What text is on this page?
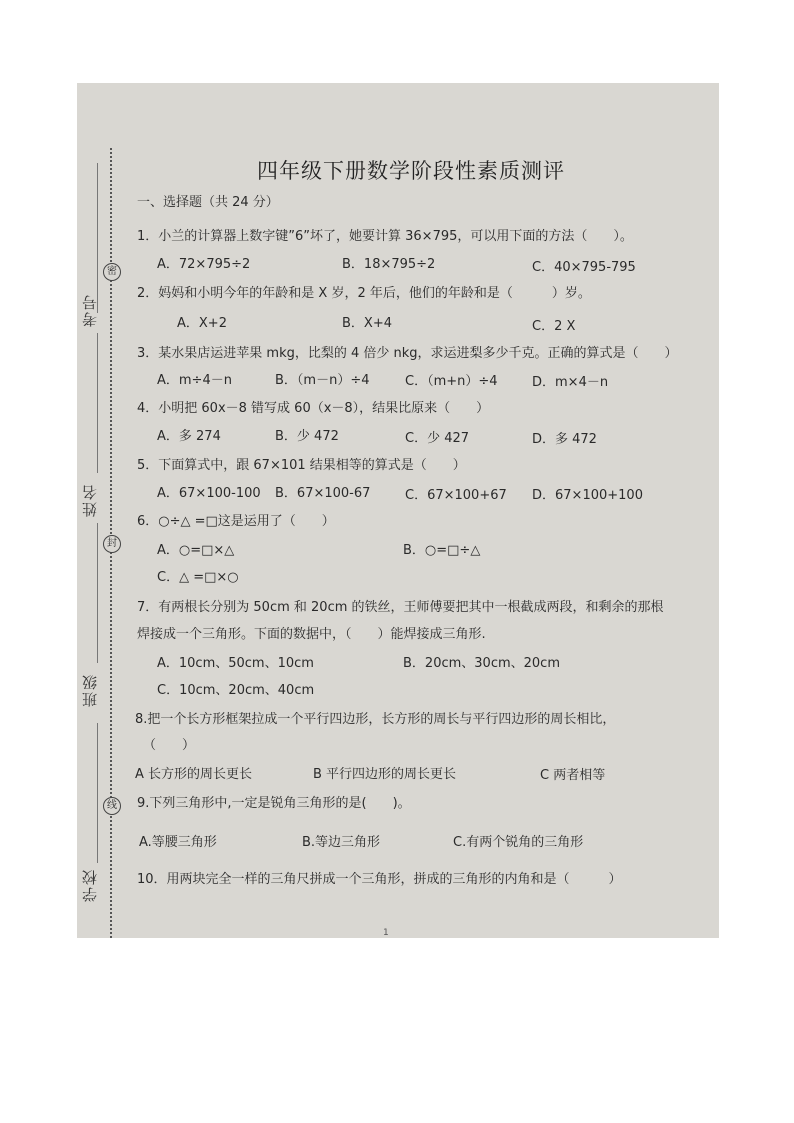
考号
姓名
班级
学校
密
封
线
四年级下册数学阶段性素质测评
一、选择题（共 24 分）
1．小兰的计算器上数字键”6”坏了，她要计算 36×795，可以用下面的方法（　　）。
A．72×795÷2	B．18×795÷2	C．40×795-795
2．妈妈和小明今年的年龄和是 X 岁，2 年后，他们的年龄和是（　　　）岁。
A．X+2	B．X+4	C．2 X
3．某水果店运进苹果 mkg，比梨的 4 倍少 nkg，求运进梨多少千克。正确的算式是（　　）
A．m÷4－n	B．（m－n）÷4	C．（m+n）÷4	D．m×4－n
4．小明把 60x－8 错写成 60（x－8），结果比原来（　　）
A．多 274	B．少 472	C．少 427	D．多 472
5．下面算式中，跟 67×101 结果相等的算式是（　　）
A．67×100-100 B．67×100-67	C．67×100+67 D．67×100+100
6．○÷△ =□这是运用了（　　）
A．○=□×△	B．○=□÷△
C．△ =□×○
7．有两根长分别为 50cm 和 20cm 的铁丝，王师傅要把其中一根截成两段，和剩余的那根
焊接成一个三角形。下面的数据中，（　　）能焊接成三角形.
A．10cm、50cm、10cm	B．20cm、30cm、20cm
C．10cm、20cm、40cm
8.把一个长方形框架拉成一个平行四边形，长方形的周长与平行四边形的周长相比，
（　　）
A 长方形的周长更长	B 平行四边形的周长更长	C 两者相等
9.下列三角形中,一定是锐角三角形的是(　　)。
A.等腰三角形	B.等边三角形	C.有两个锐角的三角形
10．用两块完全一样的三角尺拼成一个三角形，拼成的三角形的内角和是（　　　）
1
